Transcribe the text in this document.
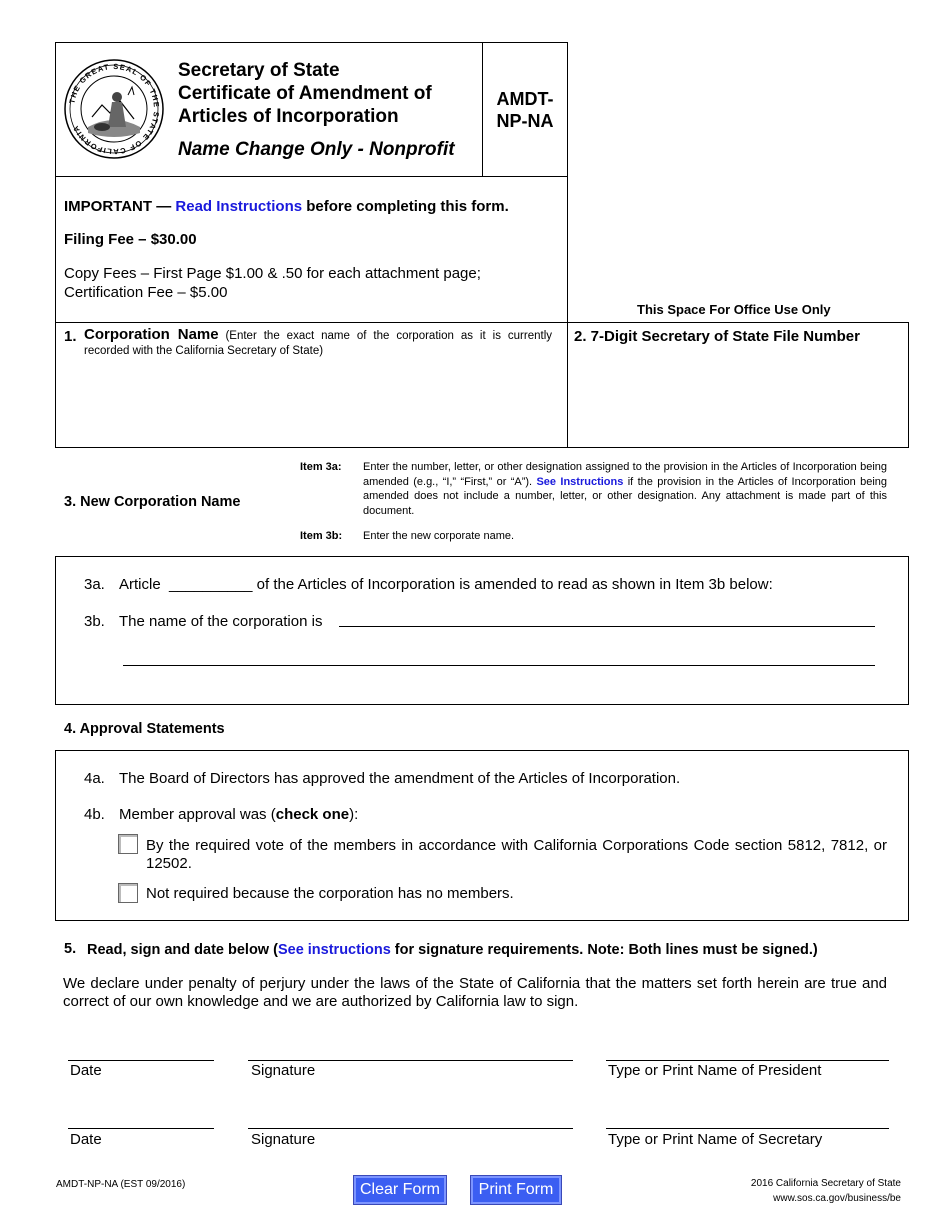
THE GREAT SEAL OF THE STATE OF CALIFORNIA
Secretary of State
Certificate of Amendment of
Articles of Incorporation
Name Change Only - Nonprofit
AMDT-
NP-NA
IMPORTANT — Read Instructions before completing this form.
Filing Fee – $30.00
Copy Fees – First Page $1.00 & .50 for each attachment page;
Certification Fee – $5.00
This Space For Office Use Only
1. Corporation Name (Enter the exact name of the corporation as it is currently recorded with the California Secretary of State)
2. 7-Digit Secretary of State File Number
3. New Corporation Name
Item 3a: Enter the number, letter, or other designation assigned to the provision in the Articles of Incorporation being amended (e.g., “I,” “First,” or “A”). See Instructions if the provision in the Articles of Incorporation being amended does not include a number, letter, or other designation. Any attachment is made part of this document.
Item 3b: Enter the new corporate name.
3a. Article __________ of the Articles of Incorporation is amended to read as shown in Item 3b below:
3b. The name of the corporation is
4. Approval Statements
4a. The Board of Directors has approved the amendment of the Articles of Incorporation.
4b. Member approval was (check one):
By the required vote of the members in accordance with California Corporations Code section 5812, 7812, or 12502.
Not required because the corporation has no members.
5. Read, sign and date below (See instructions for signature requirements. Note: Both lines must be signed.)
We declare under penalty of perjury under the laws of the State of California that the matters set forth herein are true and correct of our own knowledge and we are authorized by California law to sign.
Date	Signature	Type or Print Name of President
Date	Signature	Type or Print Name of Secretary
AMDT-NP-NA (EST 09/2016)	Clear Form	Print Form	2016 California Secretary of State
www.sos.ca.gov/business/be
